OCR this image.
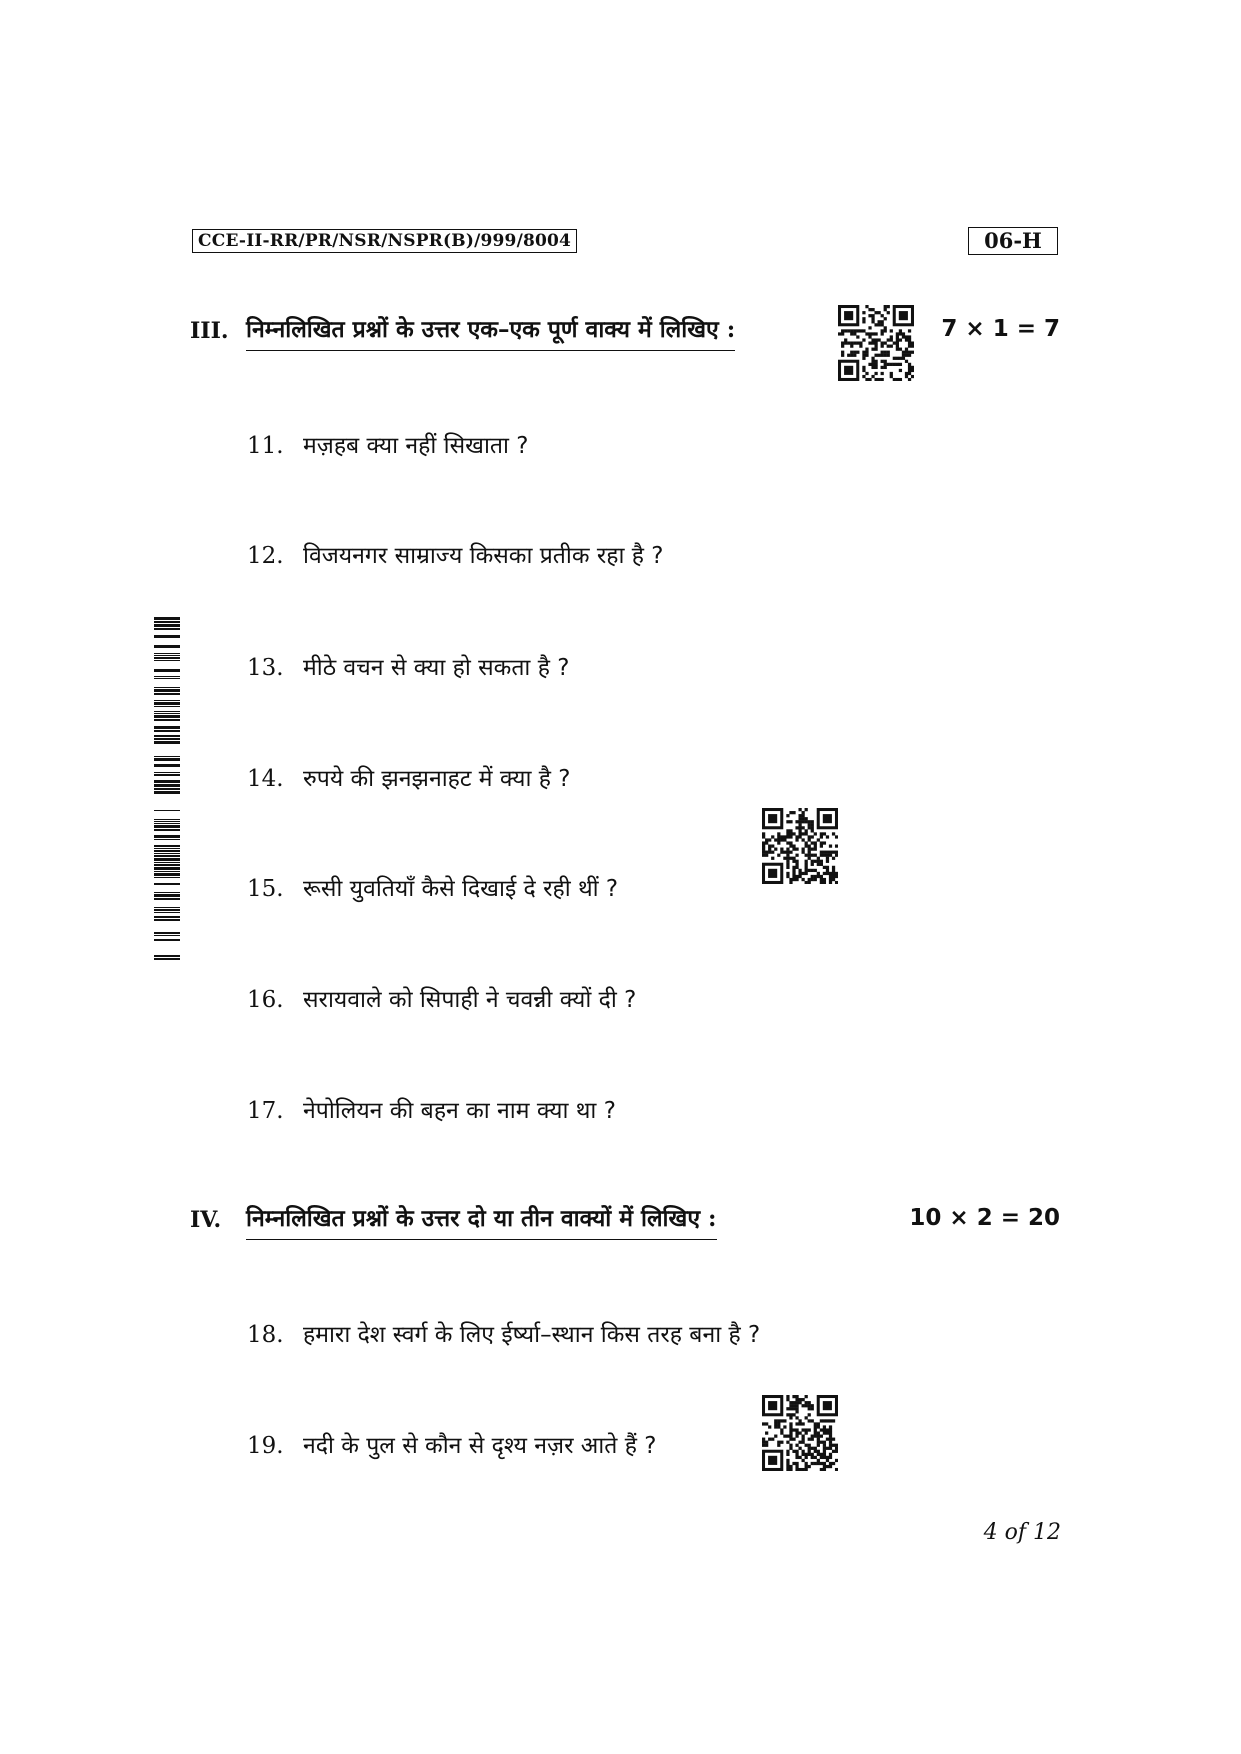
CCE-II-RR/PR/NSR/NSPR(B)/999/8004	06-H
III. निम्नलिखित प्रश्नों के उत्तर एक–एक पूर्ण वाक्य में लिखिए :	7 × 1 = 7
11. मज़हब क्या नहीं सिखाता ?
12. विजयनगर साम्राज्य किसका प्रतीक रहा है ?
13. मीठे वचन से क्या हो सकता है ?
14. रुपये की झनझनाहट में क्या है ?
15. रूसी युवतियाँ कैसे दिखाई दे रही थीं ?
16. सरायवाले को सिपाही ने चवन्नी क्यों दी ?
17. नेपोलियन की बहन का नाम क्या था ?
IV. निम्नलिखित प्रश्नों के उत्तर दो या तीन वाक्यों में लिखिए :	10 × 2 = 20
18. हमारा देश स्वर्ग के लिए ईर्ष्या–स्थान किस तरह बना है ?
19. नदी के पुल से कौन से दृश्य नज़र आते हैं ?
4 of 12
